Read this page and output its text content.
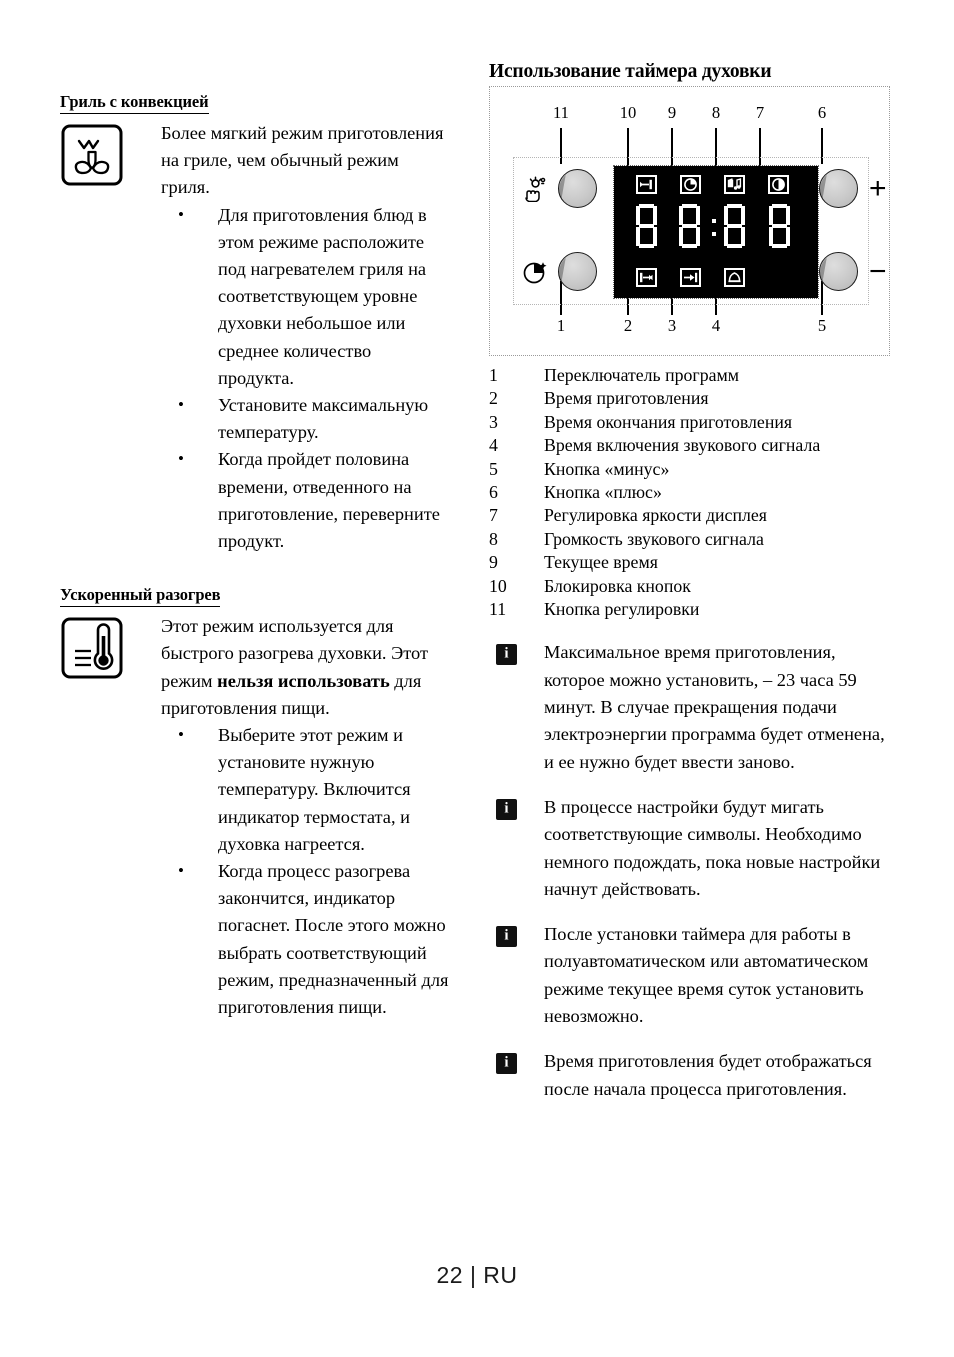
Гриль с конвекцией
Более мягкий режим приготовления на гриле, чем обычный режим гриля.
• Для приготовления блюд в этом режиме расположите под нагревателем гриля на соответствующем уровне духовки небольшое или среднее количество продукта.
• Установите максимальную температуру.
• Когда пройдет половина времени, отведенного на приготовление, переверните продукт.
Ускоренный разогрев
Этот режим используется для быстрого разогрева духовки. Этот режим нельзя использовать для приготовления пищи.
• Выберите этот режим и установите нужную температуру. Включится индикатор термостата, и духовка нагреется.
• Когда процесс разогрева закончится, индикатор погаснет. После этого можно выбрать соответствующий режим, предназначенный для приготовления пищи.
Использование таймера духовки
11	10	9	8	7	6
1	2	3	4	5
+
−
1	Переключатель программ
2	Время приготовления
3	Время окончания приготовления
4	Время включения звукового сигнала
5	Кнопка «минус»
6	Кнопка «плюс»
7	Регулировка яркости дисплея
8	Громкость звукового сигнала
9	Текущее время
10	Блокировка кнопок
11	Кнопка регулировки
i	Максимальное время приготовления, которое можно установить, – 23 часа 59 минут. В случае прекращения подачи электроэнергии программа будет отменена, и ее нужно будет ввести заново.
i	В процессе настройки будут мигать соответствующие символы. Необходимо немного подождать, пока новые настройки начнут действовать.
i	После установки таймера для работы в полуавтоматическом или автоматическом режиме текущее время суток установить невозможно.
i	Время приготовления будет отображаться после начала процесса приготовления.
22 | RU
